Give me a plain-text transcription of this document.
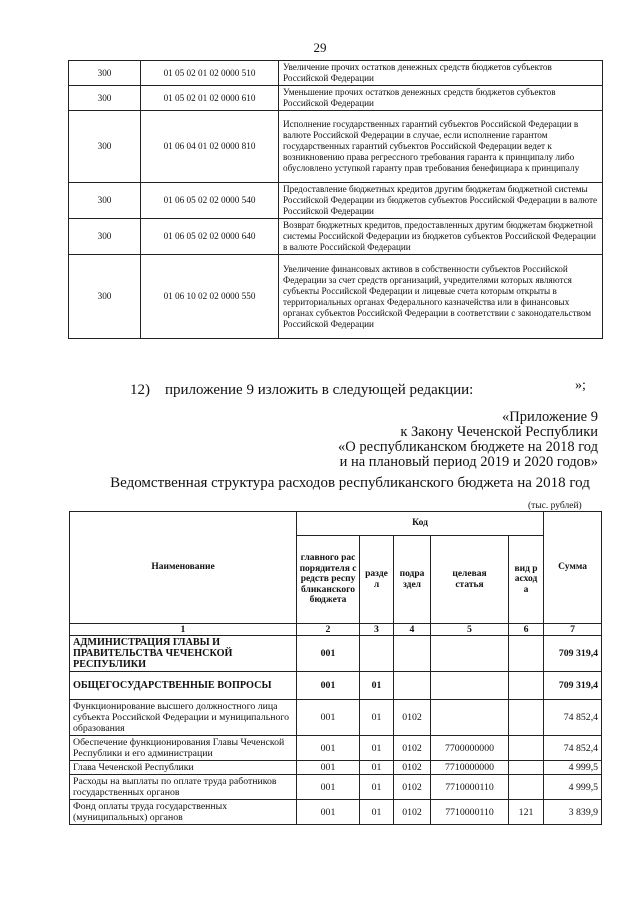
29
300	01 05 02 01 02 0000 510	Увеличение прочих остатков денежных средств бюджетов субъектов Российской Федерации
300	01 05 02 01 02 0000 610	Уменьшение прочих остатков денежных средств бюджетов субъектов Российской Федерации
300	01 06 04 01 02 0000 810	Исполнение государственных гарантий субъектов Российской Федерации в валюте Российской Федерации в случае, если исполнение гарантом государственных гарантий субъектов Российской Федерации ведет к возникновению права регрессного требования гаранта к принципалу либо обусловлено уступкой гаранту прав требования бенефициара к принципалу
300	01 06 05 02 02 0000 540	Предоставление бюджетных кредитов другим бюджетам бюджетной системы Российской Федерации из бюджетов субъектов Российской Федерации в валюте Российской Федерации
300	01 06 05 02 02 0000 640	Возврат бюджетных кредитов, предоставленных другим бюджетам бюджетной системы Российской Федерации из бюджетов субъектов Российской Федерации в валюте Российской Федерации
300	01 06 10 02 02 0000 550	Увеличение финансовых активов в собственности субъектов Российской Федерации за счет средств организаций, учредителями которых являются субъекты Российской Федерации и лицевые счета которым открыты в территориальных органах Федерального казначейства или в финансовых органах субъектов Российской Федерации в соответствии с законодательством Российской Федерации
»;
12)    приложение 9 изложить в следующей редакции:
«Приложение 9
к Закону Чеченской Республики
«О республиканском бюджете на 2018 год
и на плановый период 2019 и 2020 годов»
Ведомственная структура расходов республиканского бюджета на 2018 год
(тыс. рублей)
Наименование	Код					Сумма
	главного распорядителя средств республиканского бюджета	раздел	подраздел	целевая статья	вид расхода	
1	2	3	4	5	6	7
АДМИНИСТРАЦИЯ ГЛАВЫ И ПРАВИТЕЛЬСТВА ЧЕЧЕНСКОЙ РЕСПУБЛИКИ	001					709 319,4
ОБЩЕГОСУДАРСТВЕННЫЕ ВОПРОСЫ	001	01				709 319,4
Функционирование высшего должностного лица субъекта Российской Федерации и муниципального образования	001	01	0102			74 852,4
Обеспечение функционирования Главы Чеченской Республики и его администрации	001	01	0102	7700000000		74 852,4
Глава Чеченской Республики	001	01	0102	7710000000		4 999,5
Расходы на выплаты по оплате труда работников государственных органов	001	01	0102	7710000110		4 999,5
Фонд оплаты труда государственных (муниципальных) органов	001	01	0102	7710000110	121	3 839,9
